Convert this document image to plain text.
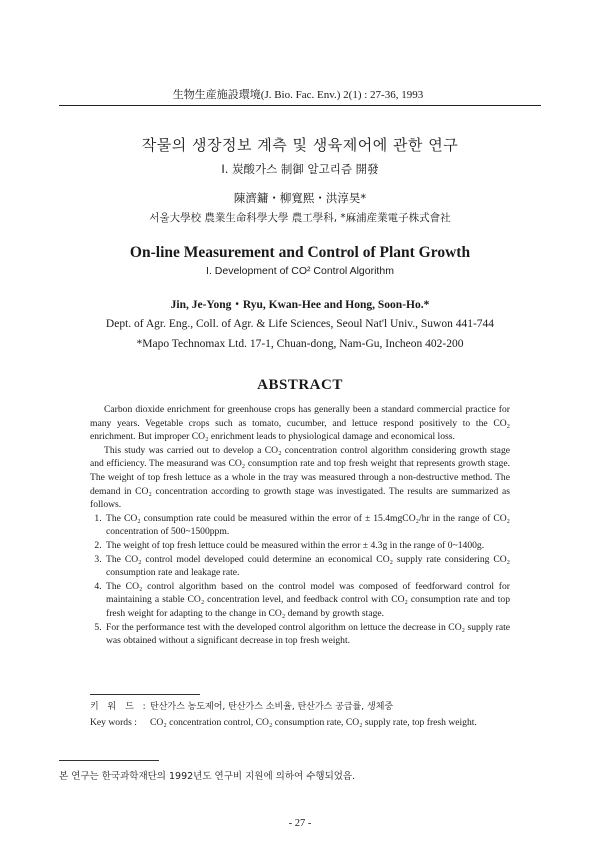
生物生産施設環境(J. Bio. Fac. Env.) 2(1) : 27-36, 1993
작물의 생장정보 계측 및 생육제어에 관한 연구
I. 炭酸가스 制御 알고리즘 開發
陳濟鏞・柳寬熙・洪淳昊*
서울大學校 農業生命科學大學 農工學科, *麻浦産業電子株式會社
On-line Measurement and Control of Plant Growth
I. Development of CO² Control Algorithm
Jin, Je-Yong・Ryu, Kwan-Hee and Hong, Soon-Ho.*
Dept. of Agr. Eng., Coll. of Agr. & Life Sciences, Seoul Nat'l Univ., Suwon 441-744
*Mapo Technomax Ltd. 17-1, Chuan-dong, Nam-Gu, Incheon 402-200
ABSTRACT

Carbon dioxide enrichment for greenhouse crops has generally been a standard commercial practice for many years. Vegetable crops such as tomato, cucumber, and lettuce respond positively to the CO₂ enrichment. But improper CO₂ enrichment leads to physiological damage and economical loss.

This study was carried out to develop a CO₂ concentration control algorithm considering growth stage and efficiency. The measurand was CO₂ consumption rate and top fresh weight that represents growth stage. The weight of top fresh lettuce as a whole in the tray was measured through a non-destructive method. The demand in CO₂ concentration according to growth stage was investigated. The results are summarized as follows.

1. The CO₂ consumption rate could be measured within the error of ± 15.4mgCO₂/hr in the range of CO₂ concentration of 500~1500ppm.
2. The weight of top fresh lettuce could be measured within the error ± 4.3g in the range of 0~1400g.
3. The CO₂ control model developed could determine an economical CO₂ supply rate considering CO₂ consumption rate and leakage rate.
4. The CO₂ control algorithm based on the control model was composed of feedforward control for maintaining a stable CO₂ concentration level, and feedback control with CO₂ consumption rate and top fresh weight for adapting to the change in CO₂ demand by growth stage.
5. For the performance test with the developed control algorithm on lettuce the decrease in CO₂ supply rate was obtained without a significant decrease in top fresh weight.
키 워 드 : 탄산가스 농도제어, 탄산가스 소비율, 탄산가스 공급률, 생체중
Key words :	CO₂ concentration control, CO₂ consumption rate, CO₂ supply rate, top fresh weight.
본 연구는 한국과학재단의 1992년도 연구비 지원에 의하여 수행되었음.
- 27 -
